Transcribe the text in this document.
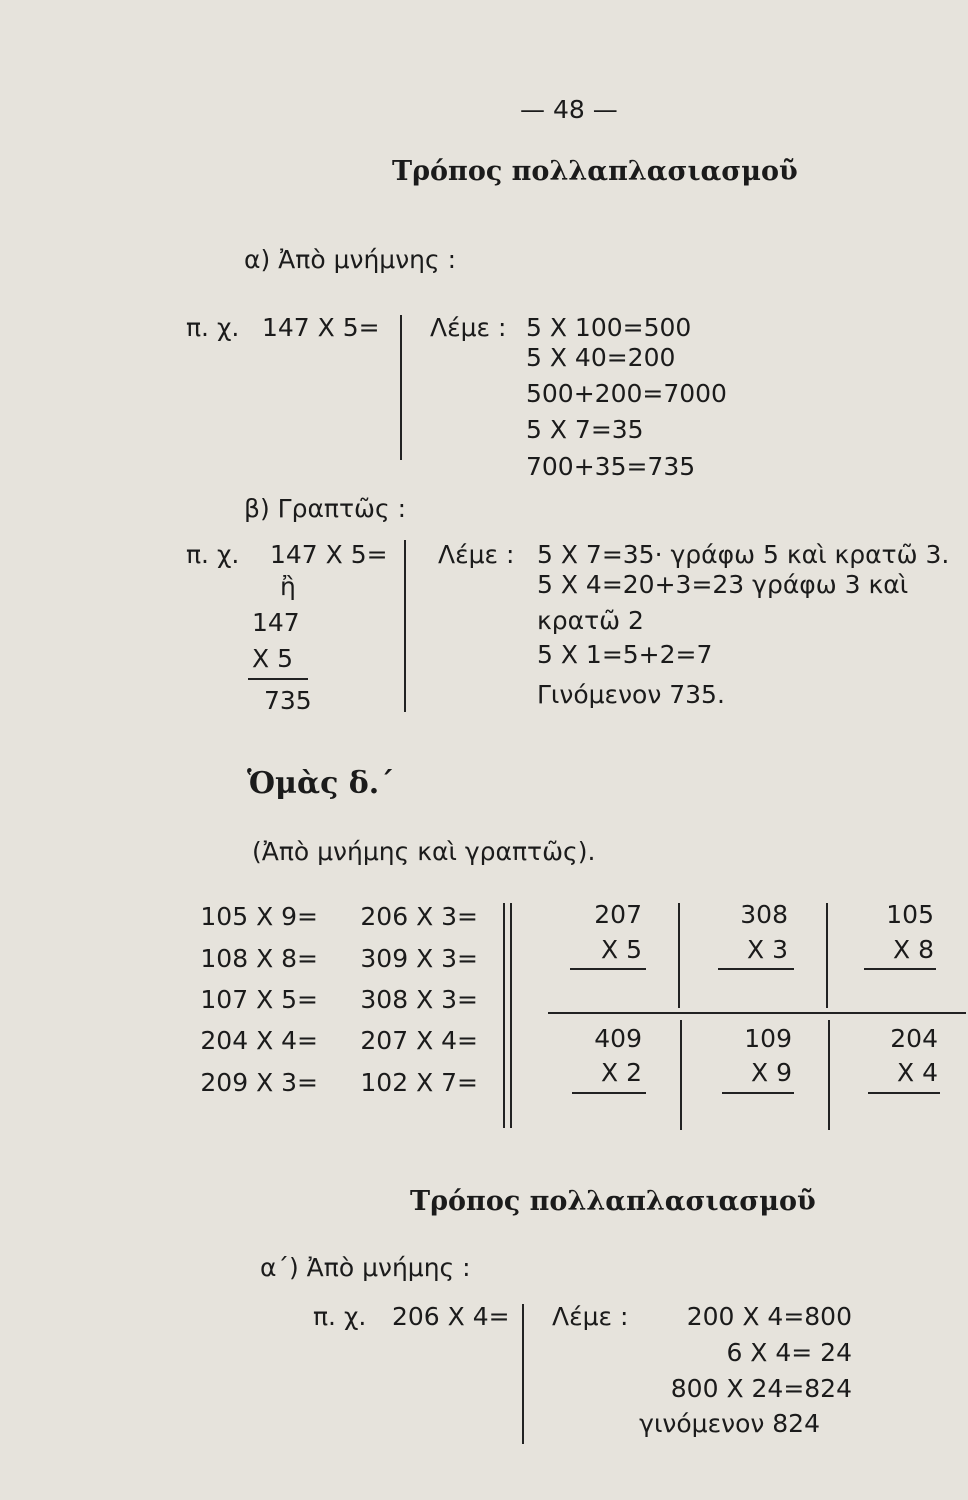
— 48 —
Τρόπος πολλαπλασιασμοῦ
α) Ἀπὸ μνήμνης :
π. χ. 147 Χ 5= Λέμε : 5 Χ 100=500
5 Χ 40=200
500+200=7000
5 Χ 7=35
700+35=735
β) Γραπτῶς :
π. χ. 147 Χ 5=
ἢ
147
Χ 5
735
Λέμε : 5 Χ 7=35· γράφω 5 καὶ κρατῶ 3.
5 Χ 4=20+3=23 γράφω 3 καὶ
κρατῶ 2
5 Χ 1=5+2=7
Γινόμενον 735.
Ὁμὰς δ.΄
(Ἀπὸ μνήμης καὶ γραπτῶς).
105 Χ 9=
108 Χ 8=
107 Χ 5=
204 Χ 4=
209 Χ 3=
206 Χ 3=
309 Χ 3=
308 Χ 3=
207 Χ 4=
102 Χ 7=
207
Χ 5
308
Χ 3
105
Χ 8
409
Χ 2
109
Χ 9
204
Χ 4
Τρόπος πολλαπλασιασμοῦ
α΄) Ἀπὸ μνήμης :
π. χ. 206 Χ 4= Λέμε :	200 Χ 4=800
6 Χ 4= 24
800 Χ 24=824
γινόμενον 824
